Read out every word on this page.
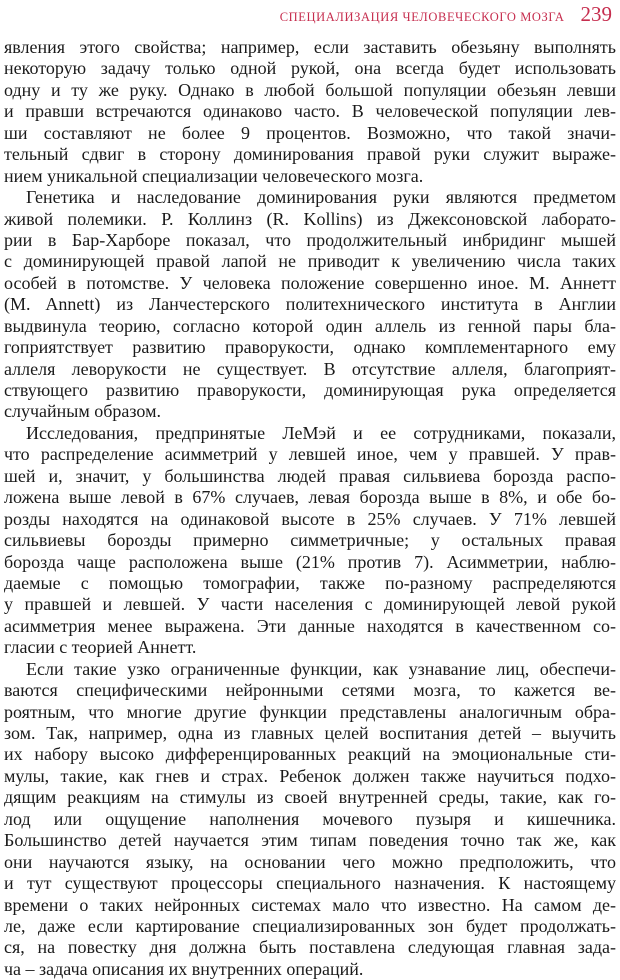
СПЕЦИАЛИЗАЦИЯ ЧЕЛОВЕЧЕСКОГО МОЗГА 239
явления этого свойства; например, если заставить обезьяну выполнять
некоторую задачу только одной рукой, она всегда будет использовать
одну и ту же руку. Однако в любой большой популяции обезьян левши
и правши встречаются одинаково часто. В человеческой популяции лев-
ши составляют не более 9 процентов. Возможно, что такой значи-
тельный сдвиг в сторону доминирования правой руки служит выраже-
нием уникальной специализации человеческого мозга.
Генетика и наследование доминирования руки являются предметом
живой полемики. Р. Коллинз (R. Kollins) из Джексоновской лаборато-
рии в Бар-Харборе показал, что продолжительный инбридинг мышей
с доминирующей правой лапой не приводит к увеличению числа таких
особей в потомстве. У человека положение совершенно иное. М. Аннетт
(M. Annett) из Ланчестерского политехнического института в Англии
выдвинула теорию, согласно которой один аллель из генной пары бла-
гоприятствует развитию праворукости, однако комплементарного ему
аллеля леворукости не существует. В отсутствие аллеля, благоприят-
ствующего развитию праворукости, доминирующая рука определяется
случайным образом.
Исследования, предпринятые ЛеМэй и ее сотрудниками, показали,
что распределение асимметрий у левшей иное, чем у правшей. У прав-
шей и, значит, у большинства людей правая сильвиева борозда распо-
ложена выше левой в 67% случаев, левая борозда выше в 8%, и обе бо-
розды находятся на одинаковой высоте в 25% случаев. У 71% левшей
сильвиевы борозды примерно симметричные; у остальных правая
борозда чаще расположена выше (21% против 7). Асимметрии, наблю-
даемые с помощью томографии, также по-разному распределяются
у правшей и левшей. У части населения с доминирующей левой рукой
асимметрия менее выражена. Эти данные находятся в качественном со-
гласии с теорией Аннетт.
Если такие узко ограниченные функции, как узнавание лиц, обеспечи-
ваются специфическими нейронными сетями мозга, то кажется ве-
роятным, что многие другие функции представлены аналогичным обра-
зом. Так, например, одна из главных целей воспитания детей – выучить
их набору высоко дифференцированных реакций на эмоциональные сти-
мулы, такие, как гнев и страх. Ребенок должен также научиться подхо-
дящим реакциям на стимулы из своей внутренней среды, такие, как го-
лод или ощущение наполнения мочевого пузыря и кишечника.
Большинство детей научается этим типам поведения точно так же, как
они научаются языку, на основании чего можно предположить, что
и тут существуют процессоры специального назначения. К настоящему
времени о таких нейронных системах мало что известно. На самом де-
ле, даже если картирование специализированных зон будет продолжать-
ся, на повестку дня должна быть поставлена следующая главная зада-
ча – задача описания их внутренних операций.
